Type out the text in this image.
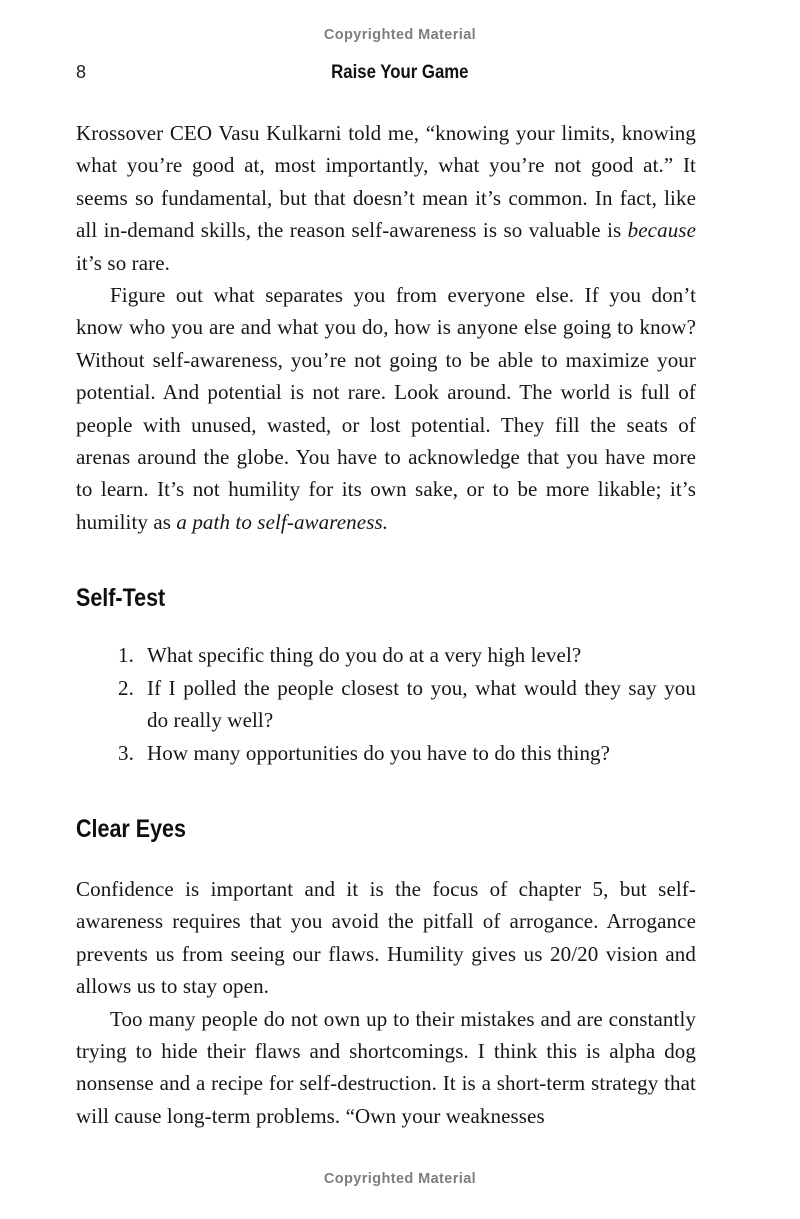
Copyrighted Material
8	Raise Your Game

Krossover CEO Vasu Kulkarni told me, “knowing your limits, knowing what you’re good at, most importantly, what you’re not good at.” It seems so fundamental, but that doesn’t mean it’s common. In fact, like all in-demand skills, the reason self-awareness is so valuable is because it’s so rare.

Figure out what separates you from everyone else. If you don’t know who you are and what you do, how is anyone else going to know? Without self-awareness, you’re not going to be able to maximize your potential. And potential is not rare. Look around. The world is full of people with unused, wasted, or lost potential. They fill the seats of arenas around the globe. You have to acknowledge that you have more to learn. It’s not humility for its own sake, or to be more likable; it’s humility as a path to self-awareness.

Self-Test
What specific thing do you do at a very high level?
If I polled the people closest to you, what would they say you do really well?
How many opportunities do you have to do this thing?
Clear Eyes

Confidence is important and it is the focus of chapter 5, but self-awareness requires that you avoid the pitfall of arrogance. Arrogance prevents us from seeing our flaws. Humility gives us 20/20 vision and allows us to stay open.

Too many people do not own up to their mistakes and are constantly trying to hide their flaws and shortcomings. I think this is alpha dog nonsense and a recipe for self-destruction. It is a short-term strategy that will cause long-term problems. “Own your weaknesses

Copyrighted Material
